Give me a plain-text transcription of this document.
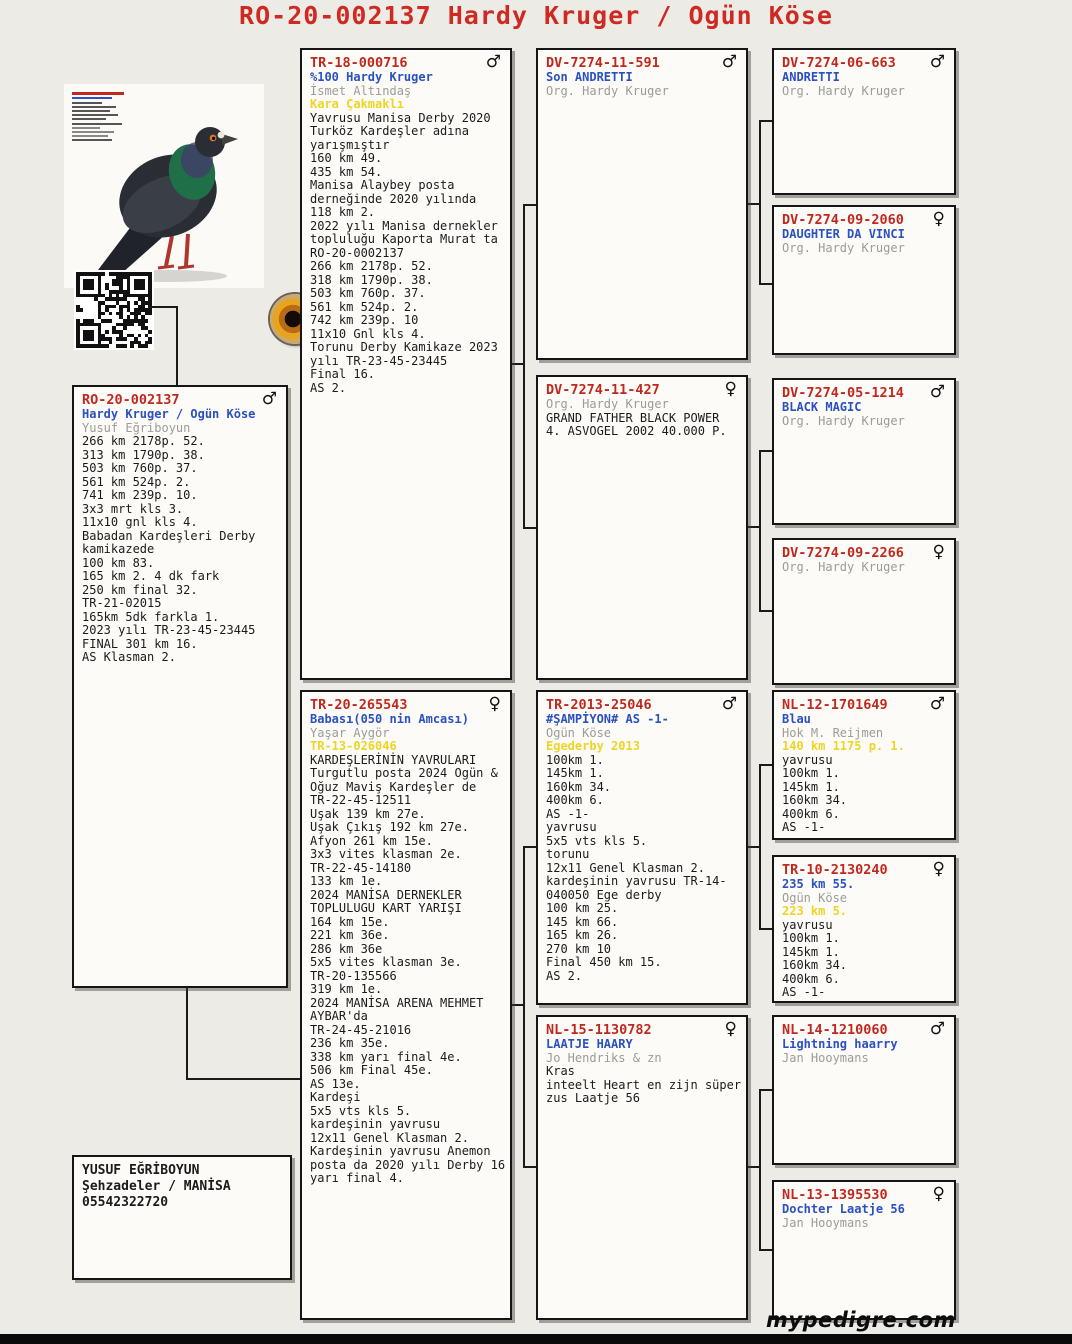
RO-20-002137 Hardy Kruger / Ogün Köse
RO-20-002137	♂
Hardy Kruger / Ogün Köse
Yusuf Eğriboyun
266 km 2178p. 52.
313 km 1790p. 38.
503 km 760p. 37.
561 km 524p. 2.
741 km 239p. 10.
3x3 mrt kls 3.
11x10 gnl kls 4.
Babadan Kardeşleri Derby
kamikazede
100 km 83.
165 km 2. 4 dk fark
250 km final 32.
TR-21-02015
165km 5dk farkla 1.
2023 yılı TR-23-45-23445
FINAL 301 km 16.
AS Klasman 2.
YUSUF EĞRİBOYUN
Şehzadeler / MANİSA
05542322720
TR-18-000716	♂
%100 Hardy Kruger
İsmet Altındaş
Kara Çakmaklı
Yavrusu Manisa Derby 2020
Turköz Kardeşler adına
yarışmıştır
160 km 49.
435 km 54.
Manisa Alaybey posta
derneğinde 2020 yılında
118 km 2.
2022 yılı Manisa dernekler
topluluğu Kaporta Murat ta
RO-20-0002137
266 km 2178p. 52.
318 km 1790p. 38.
503 km 760p. 37.
561 km 524p. 2.
742 km 239p. 10
11x10 Gnl kls 4.
Torunu Derby Kamikaze 2023
yılı TR-23-45-23445
Final 16.
AS 2.
TR-20-265543	♀
Babası(050 nin Amcası)
Yaşar Aygör
TR-13-026046
KARDEŞLERİNİN YAVRULARI
Turgutlu posta 2024 Ogün &
Oğuz Maviş Kardeşler de
TR-22-45-12511
Uşak 139 km 27e.
Uşak Çıkış 192 km 27e.
Afyon 261 km 15e.
3x3 vites klasman 2e.
TR-22-45-14180
133 km 1e.
2024 MANİSA DERNEKLER
TOPLULUGU KART YARIŞI
164 km 15e.
221 km 36e.
286 km 36e
5x5 vites klasman 3e.
TR-20-135566
319 km 1e.
2024 MANİSA ARENA MEHMET
AYBAR'da
TR-24-45-21016
236 km 35e.
338 km yarı final 4e.
506 km Final 45e.
AS 13e.
Kardeşi
5x5 vts kls 5.
kardeşinin yavrusu
12x11 Genel Klasman 2.
Kardeşinin yavrusu Anemon
posta da 2020 yılı Derby 16
yarı final 4.
DV-7274-11-591	♂
Son ANDRETTI
Org. Hardy Kruger
DV-7274-11-427	♀
Org. Hardy Kruger
GRAND FATHER BLACK POWER
4. ASVOGEL 2002 40.000 P.
TR-2013-25046	♂
#ŞAMPİYON# AS -1-
Ogün Köse
Egederby 2013
100km 1.
145km 1.
160km 34.
400km 6.
AS -1-
yavrusu
5x5 vts kls 5.
torunu
12x11 Genel Klasman 2.
kardeşinin yavrusu TR-14-
040050 Ege derby
100 km 25.
145 km 66.
165 km 26.
270 km 10
Final 450 km 15.
AS 2.
NL-15-1130782	♀
LAATJE HAARY
Jo Hendriks & zn
Kras
inteelt Heart en zijn süper
zus Laatje 56
DV-7274-06-663	♂
ANDRETTI
Org. Hardy Kruger
DV-7274-09-2060	♀
DAUGHTER DA VINCI
Org. Hardy Kruger
DV-7274-05-1214	♂
BLACK MAGIC
Org. Hardy Kruger
DV-7274-09-2266	♀
Org. Hardy Kruger
NL-12-1701649	♂
Blau
Hok M. Reijmen
140 km 1175 p. 1.
yavrusu
100km 1.
145km 1.
160km 34.
400km 6.
AS -1-
TR-10-2130240	♀
235 km 55.
Ogün Köse
223 km 5.
yavrusu
100km 1.
145km 1.
160km 34.
400km 6.
AS -1-
NL-14-1210060	♂
Lightning haarry
Jan Hooymans
NL-13-1395530	♀
Dochter Laatje 56
Jan Hooymans
mypedigre.com
